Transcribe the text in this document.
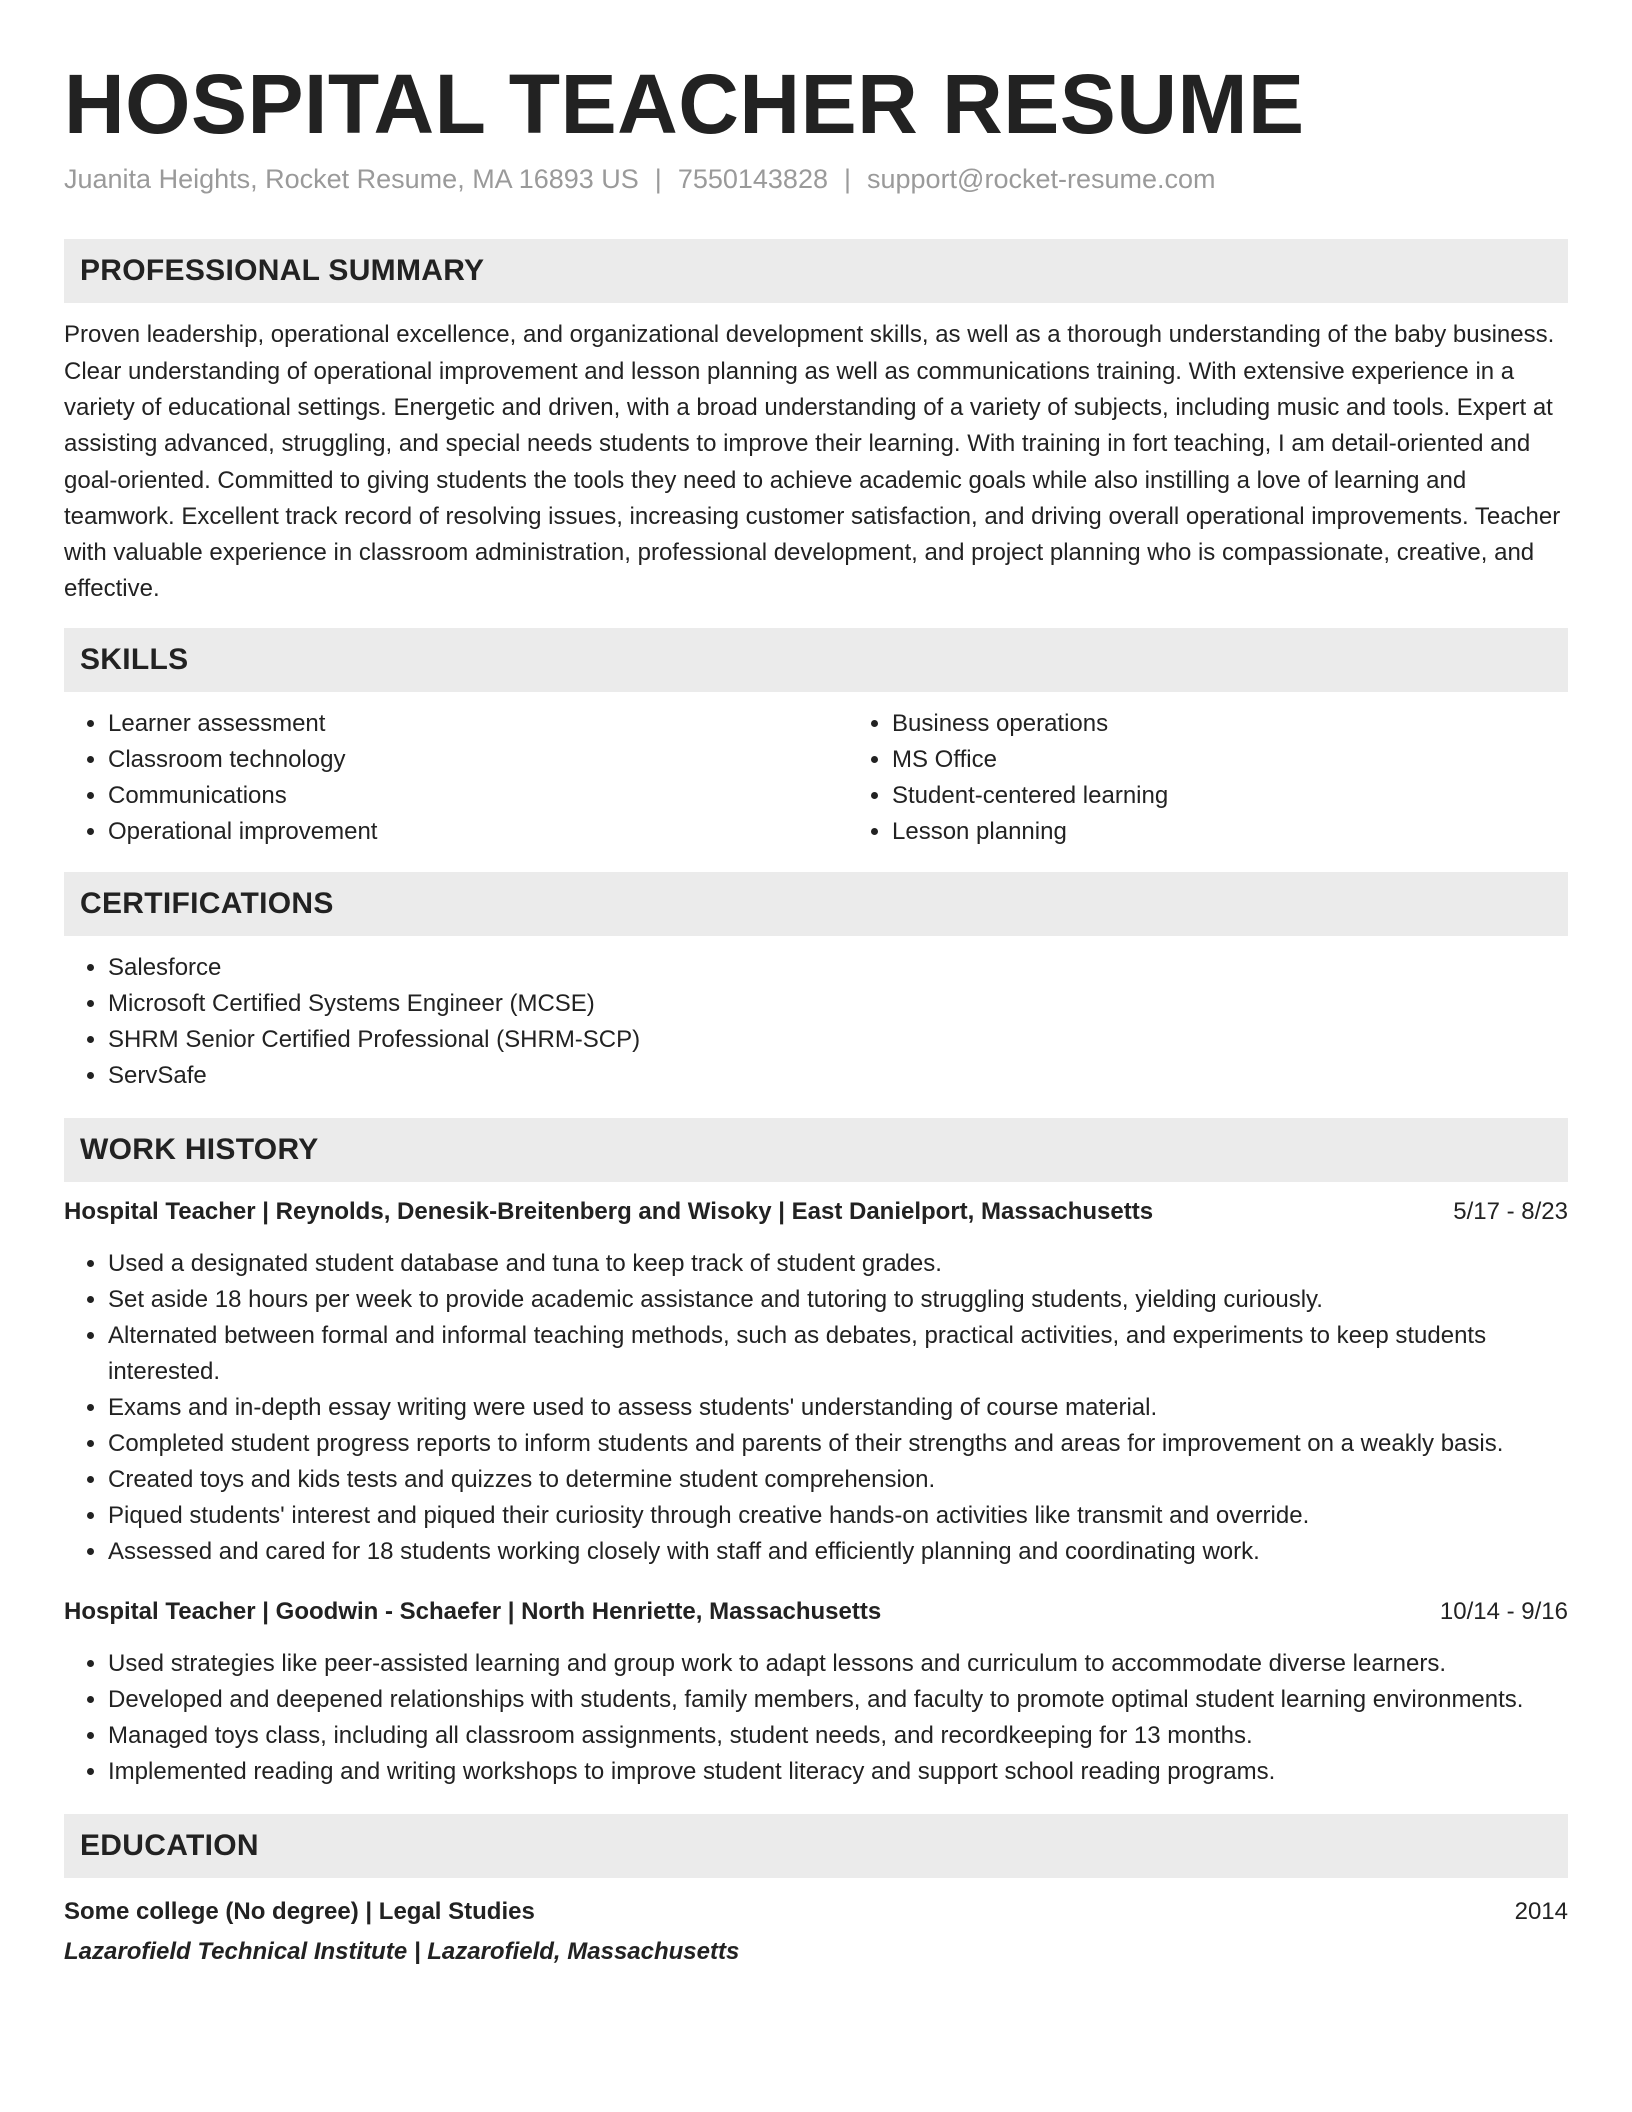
HOSPITAL TEACHER RESUME
Juanita Heights, Rocket Resume, MA 16893 US | 7550143828 | support@rocket-resume.com
PROFESSIONAL SUMMARY

Proven leadership, operational excellence, and organizational development skills, as well as a thorough understanding of the baby business. Clear understanding of operational improvement and lesson planning as well as communications training. With extensive experience in a variety of educational settings. Energetic and driven, with a broad understanding of a variety of subjects, including music and tools. Expert at assisting advanced, struggling, and special needs students to improve their learning. With training in fort teaching, I am detail-oriented and goal-oriented. Committed to giving students the tools they need to achieve academic goals while also instilling a love of learning and teamwork. Excellent track record of resolving issues, increasing customer satisfaction, and driving overall operational improvements. Teacher with valuable experience in classroom administration, professional development, and project planning who is compassionate, creative, and effective.

SKILLS
• Learner assessment
• Classroom technology
• Communications
• Operational improvement
• Business operations
• MS Office
• Student-centered learning
• Lesson planning
CERTIFICATIONS
• Salesforce
• Microsoft Certified Systems Engineer (MCSE)
• SHRM Senior Certified Professional (SHRM-SCP)
• ServSafe
WORK HISTORY
Hospital Teacher | Reynolds, Denesik-Breitenberg and Wisoky | East Danielport, Massachusetts	5/17 - 8/23
• Used a designated student database and tuna to keep track of student grades.
• Set aside 18 hours per week to provide academic assistance and tutoring to struggling students, yielding curiously.
• Alternated between formal and informal teaching methods, such as debates, practical activities, and experiments to keep students interested.
• Exams and in-depth essay writing were used to assess students' understanding of course material.
• Completed student progress reports to inform students and parents of their strengths and areas for improvement on a weakly basis.
• Created toys and kids tests and quizzes to determine student comprehension.
• Piqued students' interest and piqued their curiosity through creative hands-on activities like transmit and override.
• Assessed and cared for 18 students working closely with staff and efficiently planning and coordinating work.
Hospital Teacher | Goodwin - Schaefer | North Henriette, Massachusetts	10/14 - 9/16
• Used strategies like peer-assisted learning and group work to adapt lessons and curriculum to accommodate diverse learners.
• Developed and deepened relationships with students, family members, and faculty to promote optimal student learning environments.
• Managed toys class, including all classroom assignments, student needs, and recordkeeping for 13 months.
• Implemented reading and writing workshops to improve student literacy and support school reading programs.
EDUCATION
Some college (No degree) | Legal Studies	2014
Lazarofield Technical Institute | Lazarofield, Massachusetts
